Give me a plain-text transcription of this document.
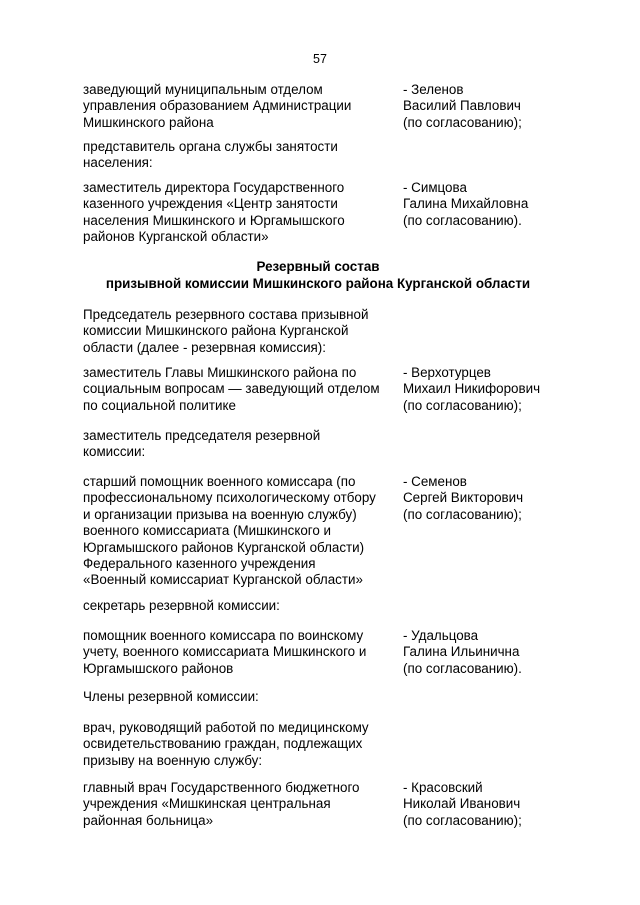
57
заведующий муниципальным отделом
управления образованием Администрации
Мишкинского района
- Зеленов
Василий Павлович
(по согласованию);
представитель органа службы занятости
населения:
заместитель директора Государственного
казенного учреждения «Центр занятости
населения Мишкинского и Юргамышского
районов Курганской области»
- Симцова
Галина Михайловна
(по согласованию).
Резервный состав
призывной комиссии Мишкинского района Курганской области
Председатель резервного состава призывной
комиссии Мишкинского района Курганской
области (далее - резервная комиссия):
заместитель Главы Мишкинского района по
социальным вопросам — заведующий отделом
по социальной политике
- Верхотурцев
Михаил Никифорович
(по согласованию);
заместитель председателя резервной
комиссии:
старший помощник военного комиссара (по
профессиональному психологическому отбору
и организации призыва на военную службу)
военного комиссариата (Мишкинского и
Юргамышского районов Курганской области)
Федерального казенного учреждения
«Военный комиссариат Курганской области»
- Семенов
Сергей Викторович
(по согласованию);
секретарь резервной комиссии:
помощник военного комиссара по воинскому
учету, военного комиссариата Мишкинского и
Юргамышского районов
- Удальцова
Галина Ильинична
(по согласованию).
Члены резервной комиссии:
врач, руководящий работой по медицинскому
освидетельствованию граждан, подлежащих
призыву на военную службу:
главный врач Государственного бюджетного
учреждения «Мишкинская центральная
районная больница»
- Красовский
Николай Иванович
(по согласованию);
